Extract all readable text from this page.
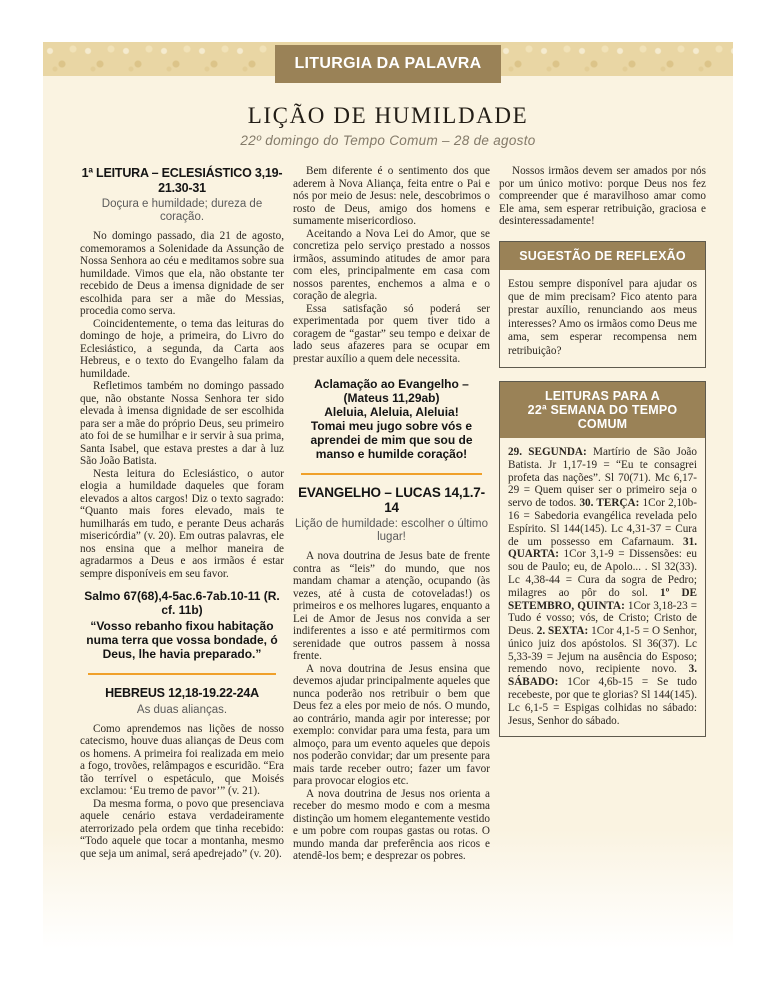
LITURGIA DA PALAVRA
LIÇÃO DE HUMILDADE

22º domingo do Tempo Comum – 28 de agosto

1ª LEITURA – ECLESIÁSTICO 3,19-21.30-31

Doçura e humildade; dureza de coração.

No domingo passado, dia 21 de agosto, comemoramos a Solenidade da Assunção de Nossa Senhora ao céu e meditamos sobre sua humildade. Vimos que ela, não obstante ter recebido de Deus a imensa dignidade de ser escolhida para ser a mãe do Messias, procedia como serva.

Coincidentemente, o tema das leituras do domingo de hoje, a primeira, do Livro do Eclesiástico, a segunda, da Carta aos Hebreus, e o texto do Evangelho falam da humildade.

Refletimos também no domingo passado que, não obstante Nossa Senhora ter sido elevada à imensa dignidade de ser escolhida para ser a mãe do próprio Deus, seu primeiro ato foi de se humilhar e ir servir à sua prima, Santa Isabel, que estava prestes a dar à luz São João Batista.

Nesta leitura do Eclesiástico, o autor elogia a humildade daqueles que foram elevados a altos cargos! Diz o texto sagrado: “Quanto mais fores elevado, mais te humilharás em tudo, e perante Deus acharás misericórdia” (v. 20). Em outras palavras, ele nos ensina que a melhor maneira de agradarmos a Deus e aos irmãos é estar sempre disponíveis em seu favor.

Salmo 67(68),4-5ac.6-7ab.10-11 (R. cf. 11b)

“Vosso rebanho fixou habitação numa terra que vossa bondade, ó Deus, lhe havia preparado.”

HEBREUS 12,18-19.22-24A

As duas alianças.

Como aprendemos nas lições de nosso catecismo, houve duas alianças de Deus com os homens. A primeira foi realizada em meio a fogo, trovões, relâmpagos e escuridão. “Era tão terrível o espetáculo, que Moisés exclamou: ‘Eu tremo de pavor’” (v. 21).

Da mesma forma, o povo que presenciava aquele cenário estava verdadeiramente aterrorizado pela ordem que tinha recebido: “Todo aquele que tocar a montanha, mesmo que seja um animal, será apedrejado” (v. 20).

Bem diferente é o sentimento dos que aderem à Nova Aliança, feita entre o Pai e nós por meio de Jesus: nele, descobrimos o rosto de Deus, amigo dos homens e sumamente misericordioso.

Aceitando a Nova Lei do Amor, que se concretiza pelo serviço prestado a nossos irmãos, assumindo atitudes de amor para com eles, principalmente em casa com nossos parentes, enchemos a alma e o coração de alegria.

Essa satisfação só poderá ser experimentada por quem tiver tido a coragem de “gastar” seu tempo e deixar de lado seus afazeres para se ocupar em prestar auxílio a quem dele necessita.

Aclamação ao Evangelho – (Mateus 11,29ab)

Aleluia, Aleluia, Aleluia!

Tomai meu jugo sobre vós e aprendei de mim que sou de manso e humilde coração!

EVANGELHO – LUCAS 14,1.7-14

Lição de humildade: escolher o último lugar!

A nova doutrina de Jesus bate de frente contra as “leis” do mundo, que nos mandam chamar a atenção, ocupando (às vezes, até à custa de cotoveladas!) os primeiros e os melhores lugares, enquanto a Lei de Amor de Jesus nos convida a ser indiferentes a isso e até permitirmos com serenidade que outros passem à nossa frente.

A nova doutrina de Jesus ensina que devemos ajudar principalmente aqueles que nunca poderão nos retribuir o bem que Deus fez a eles por meio de nós. O mundo, ao contrário, manda agir por interesse; por exemplo: convidar para uma festa, para um almoço, para um evento aqueles que depois nos poderão convidar; dar um presente para mais tarde receber outro; fazer um favor para provocar elogios etc.

A nova doutrina de Jesus nos orienta a receber do mesmo modo e com a mesma distinção um homem elegantemente vestido e um pobre com roupas gastas ou rotas. O mundo manda dar preferência aos ricos e atendê-los bem; e desprezar os pobres.

Nossos irmãos devem ser amados por nós por um único motivo: porque Deus nos fez compreender que é maravilhoso amar como Ele ama, sem esperar retribuição, graciosa e desinteressadamente!

SUGESTÃO DE REFLEXÃO
Estou sempre disponível para ajudar os que de mim precisam? Fico atento para prestar auxílio, renunciando aos meus interesses? Amo os irmãos como Deus me ama, sem esperar recompensa nem retribuição?
LEITURAS PARA A
22ª SEMANA DO TEMPO COMUM
29. SEGUNDA: Martírio de São João Batista. Jr 1,17-19 = “Eu te consagrei profeta das nações”. Sl 70(71). Mc 6,17-29 = Quem quiser ser o primeiro seja o servo de todos. 30. TERÇA: 1Cor 2,10b-16 = Sabedoria evangélica revelada pelo Espírito. Sl 144(145). Lc 4,31-37 = Cura de um possesso em Cafarnaum. 31. QUARTA: 1Cor 3,1-9 = Dissensões: eu sou de Paulo; eu, de Apolo... . Sl 32(33). Lc 4,38-44 = Cura da sogra de Pedro; milagres ao pôr do sol. 1º DE SETEMBRO, QUINTA: 1Cor 3,18-23 = Tudo é vosso; vós, de Cristo; Cristo de Deus. 2. SEXTA: 1Cor 4,1-5 = O Senhor, único juiz dos apóstolos. Sl 36(37). Lc 5,33-39 = Jejum na ausência do Esposo; remendo novo, recipiente novo. 3. SÁBADO: 1Cor 4,6b-15 = Se tudo recebeste, por que te glorias? Sl 144(145). Lc 6,1-5 = Espigas colhidas no sábado: Jesus, Senhor do sábado.
